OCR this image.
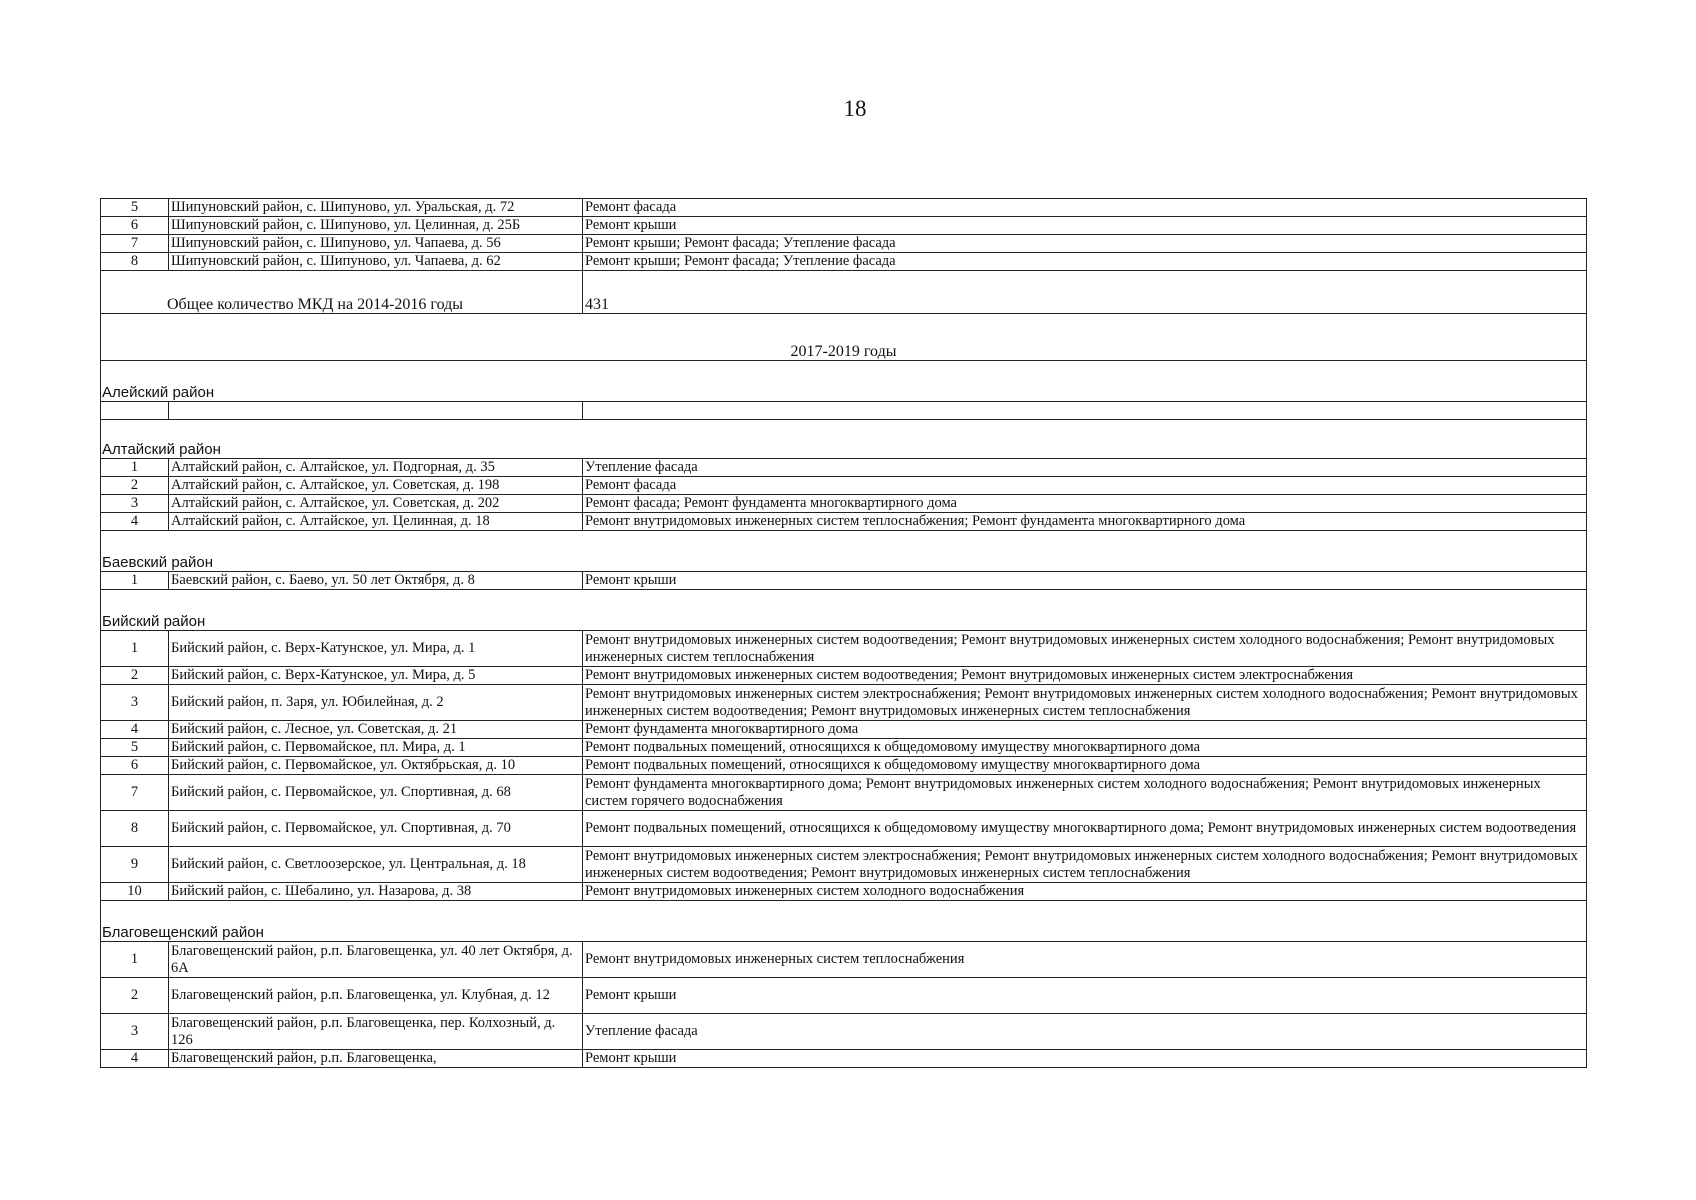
18
5	Шипуновский район, с. Шипуново, ул. Уральская, д. 72	Ремонт фасада
6	Шипуновский район, с. Шипуново, ул. Целинная, д. 25Б	Ремонт крыши
7	Шипуновский район, с. Шипуново, ул. Чапаева, д. 56	Ремонт крыши; Ремонт фасада; Утепление фасада
8	Шипуновский район, с. Шипуново, ул. Чапаева, д. 62	Ремонт крыши; Ремонт фасада; Утепление фасада
Общее количество МКД на 2014-2016 годы		431
2017-2019 годы		
Алейский район		

Алтайский район		
1	Алтайский район, с. Алтайское, ул. Подгорная, д. 35	Утепление фасада
2	Алтайский район, с. Алтайское, ул. Советская, д. 198	Ремонт фасада
3	Алтайский район, с. Алтайское, ул. Советская, д. 202	Ремонт фасада; Ремонт фундамента многоквартирного дома
4	Алтайский район, с. Алтайское, ул. Целинная, д. 18	Ремонт внутридомовых инженерных систем теплоснабжения; Ремонт фундамента многоквартирного дома
Баевский район		
1	Баевский район, с. Баево, ул. 50 лет Октября, д. 8	Ремонт крыши
Бийский район		
1	Бийский район, с. Верх-Катунское, ул. Мира, д. 1	Ремонт внутридомовых инженерных систем водоотведения; Ремонт внутридомовых инженерных систем холодного водоснабжения; Ремонт внутридомовых инженерных систем теплоснабжения
2	Бийский район, с. Верх-Катунское, ул. Мира, д. 5	Ремонт внутридомовых инженерных систем водоотведения; Ремонт внутридомовых инженерных систем электроснабжения
3	Бийский район, п. Заря, ул. Юбилейная, д. 2	Ремонт внутридомовых инженерных систем электроснабжения; Ремонт внутридомовых инженерных систем холодного водоснабжения; Ремонт внутридомовых инженерных систем водоотведения; Ремонт внутридомовых инженерных систем теплоснабжения
4	Бийский район, с. Лесное, ул. Советская, д. 21	Ремонт фундамента многоквартирного дома
5	Бийский район, с. Первомайское, пл. Мира, д. 1	Ремонт подвальных помещений, относящихся к общедомовому имуществу многоквартирного дома
6	Бийский район, с. Первомайское, ул. Октябрьская, д. 10	Ремонт подвальных помещений, относящихся к общедомовому имуществу многоквартирного дома
7	Бийский район, с. Первомайское, ул. Спортивная, д. 68	Ремонт фундамента многоквартирного дома; Ремонт внутридомовых инженерных систем холодного водоснабжения; Ремонт внутридомовых инженерных систем горячего водоснабжения
8	Бийский район, с. Первомайское, ул. Спортивная, д. 70	Ремонт подвальных помещений, относящихся к общедомовому имуществу многоквартирного дома; Ремонт внутридомовых инженерных систем водоотведения
9	Бийский район, с. Светлоозерское, ул. Центральная, д. 18	Ремонт внутридомовых инженерных систем электроснабжения; Ремонт внутридомовых инженерных систем холодного водоснабжения; Ремонт внутридомовых инженерных систем водоотведения; Ремонт внутридомовых инженерных систем теплоснабжения
10	Бийский район, с. Шебалино, ул. Назарова, д. 38	Ремонт внутридомовых инженерных систем холодного водоснабжения
Благовещенский район		
1	Благовещенский район, р.п. Благовещенка, ул. 40 лет Октября, д. 6А	Ремонт внутридомовых инженерных систем теплоснабжения
2	Благовещенский район, р.п. Благовещенка, ул. Клубная, д. 12	Ремонт крыши
3	Благовещенский район, р.п. Благовещенка, пер. Колхозный, д. 126	Утепление фасада
4	Благовещенский район, р.п. Благовещенка,	Ремонт крыши
